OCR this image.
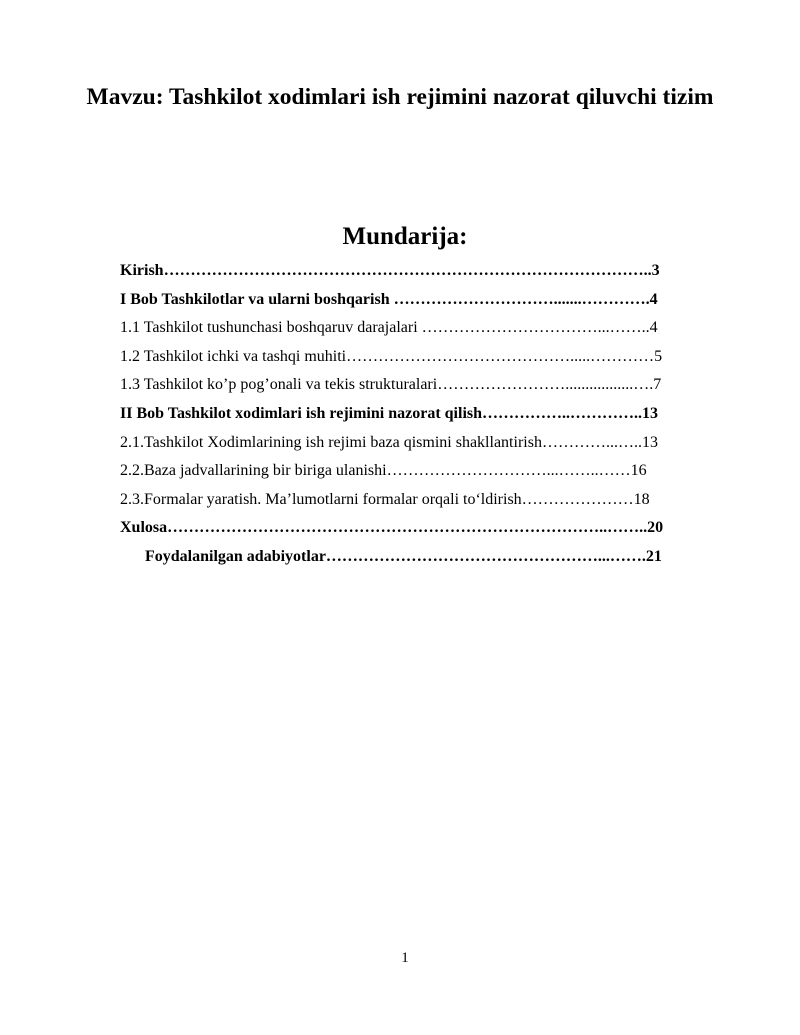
Mavzu: Tashkilot xodimlari ish rejimini nazorat qiluvchi tizim
Mundarija:
Kirish………………………………………………………………………………..3
I Bob Tashkilotlar va ularni boshqarish ………………………….......………….4
1.1 Tashkilot tushunchasi boshqaruv darajalari ……………………………...……..4
1.2 Tashkilot ichki va tashqi muhiti…………………………………….....…………5
1.3 Tashkilot ko’p pog’onali va tekis strukturalari…………………….................….7
II Bob Tashkilot xodimlari ish rejimini nazorat qilish……………..…………..13
2.1.Tashkilot Xodimlarining ish rejimi baza qismini shakllantirish…………...…..13
2.2.Baza jadvallarining bir biriga ulanishi…………………………...……..……16
2.3.Formalar yaratish. Ma’lumotlarni formalar orqali to‘ldirish…………………18
Xulosa………………………………………………………………………..……..20
Foydalanilgan adabiyotlar……………………………………………...…….21
1
